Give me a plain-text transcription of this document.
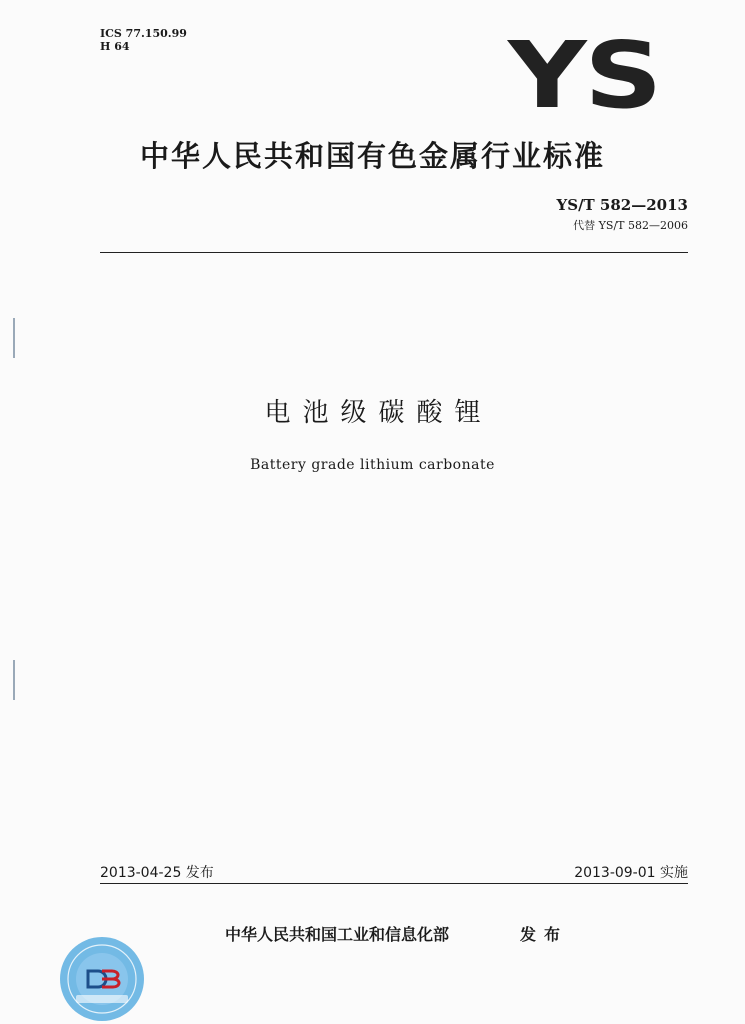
ICS 77.150.99
H 64	YS
中华人民共和国有色金属行业标准
YS/T 582—2013
代替 YS/T 582—2006
电池级碳酸锂
Battery grade lithium carbonate
2013-04-25 发布	2013-09-01 实施
中华人民共和国工业和信息化部	发布
